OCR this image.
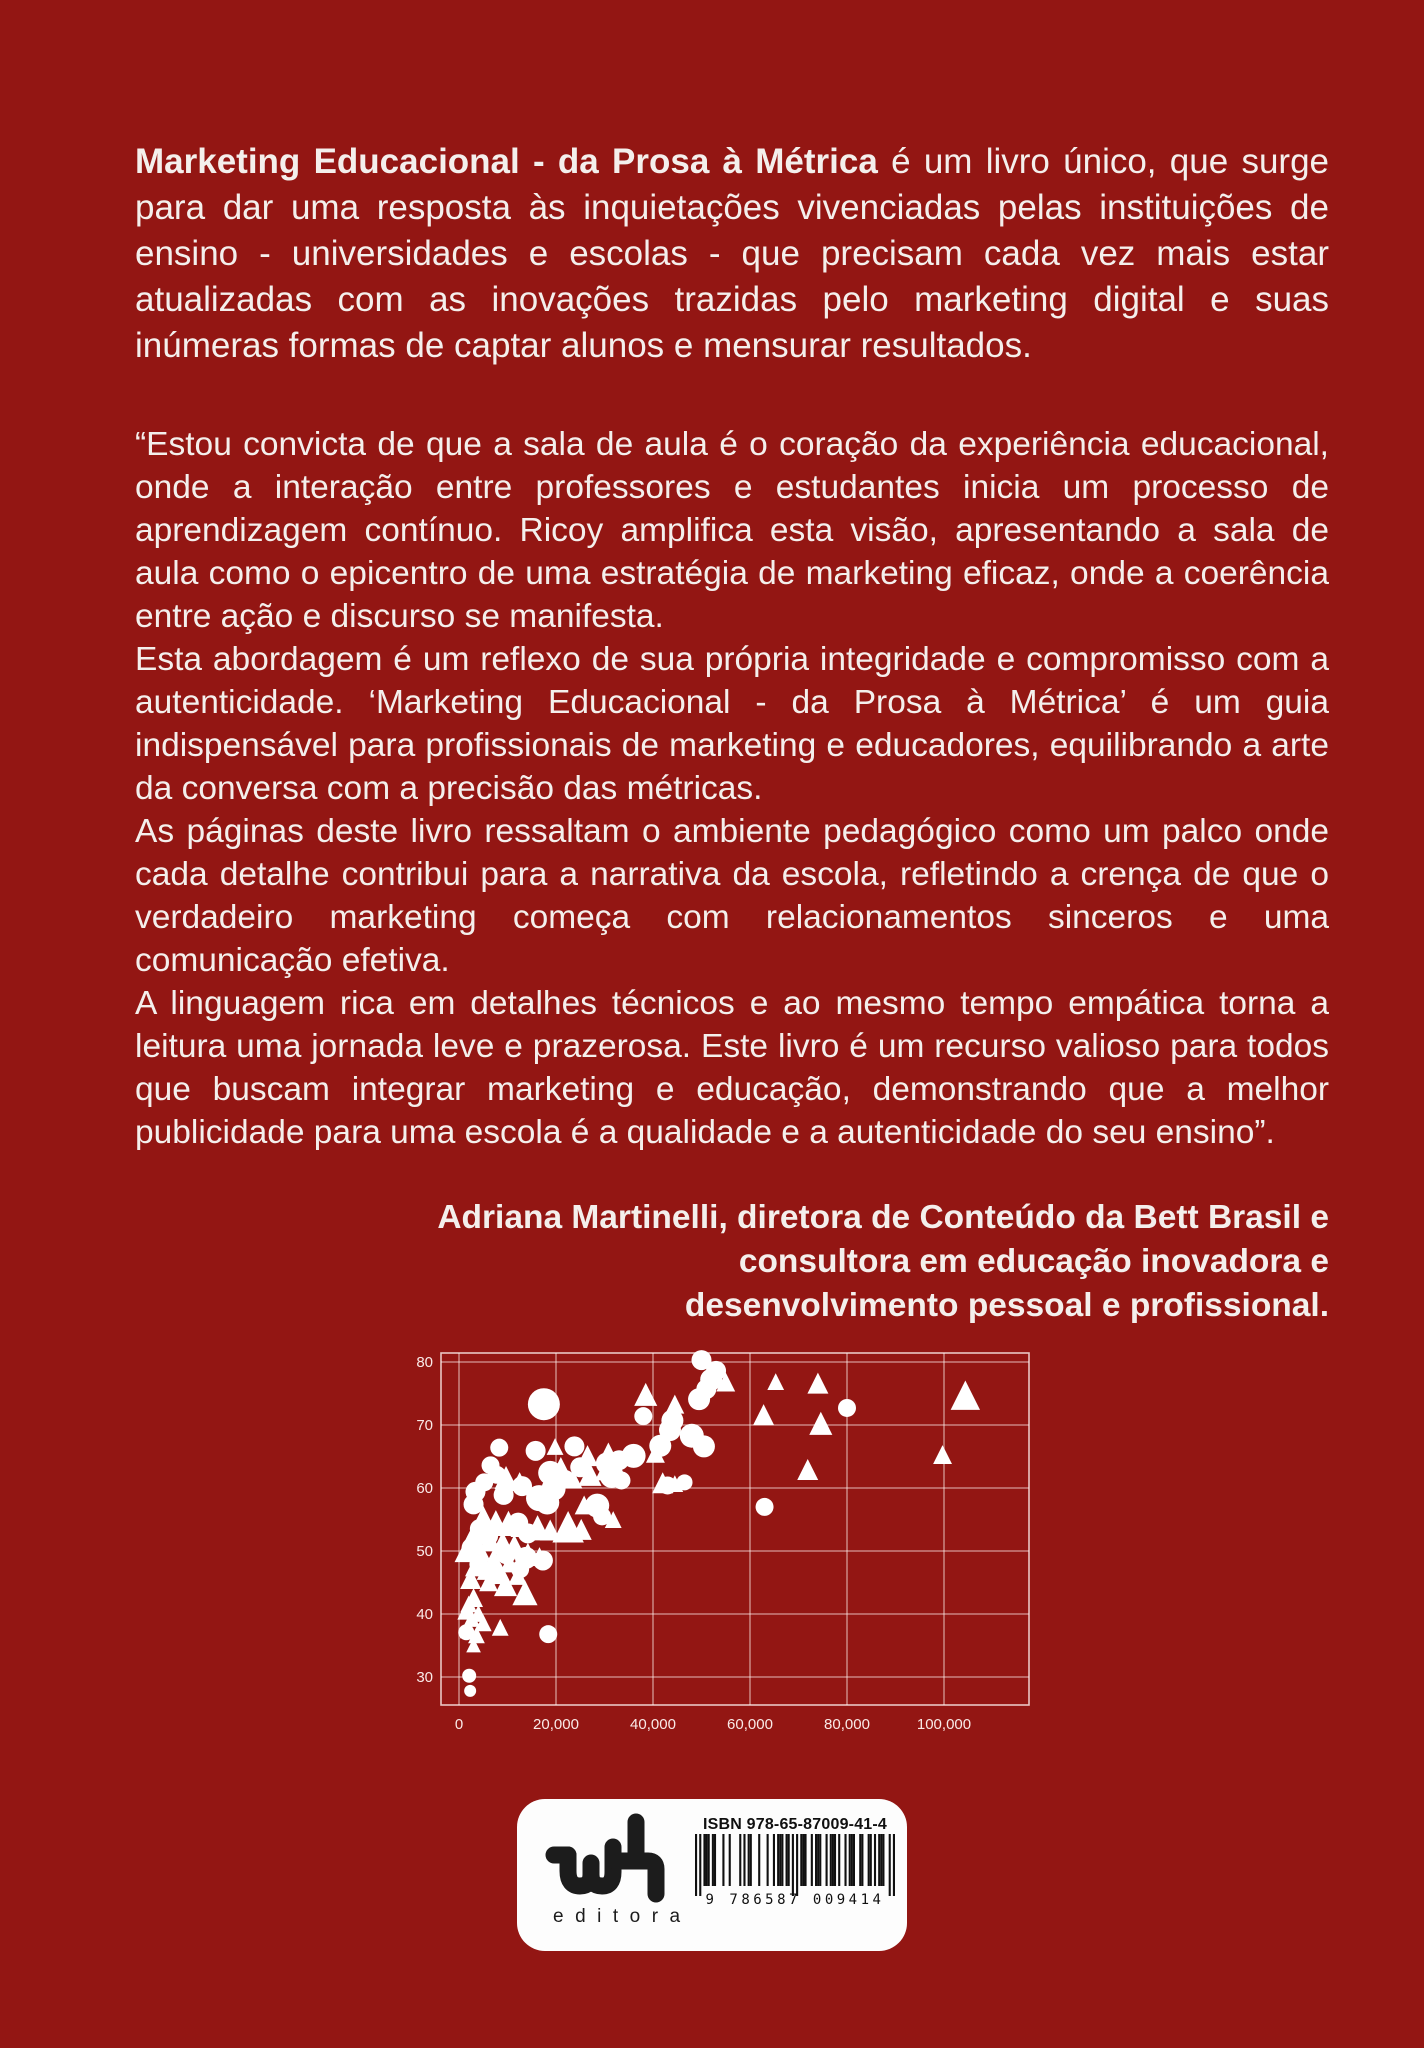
Marketing Educacional - da Prosa à Métrica é um livro único, que surge para dar uma resposta às inquietações vivenciadas pelas instituições de ensino - universidades e escolas - que precisam cada vez mais estar atualizadas com as inovações trazidas pelo marketing digital e suas inúmeras formas de captar alunos e mensurar resultados.

“Estou convicta de que a sala de aula é o coração da experiência educacional, onde a interação entre professores e estudantes inicia um processo de aprendizagem contínuo. Ricoy amplifica esta visão, apresentando a sala de aula como o epicentro de uma estratégia de marketing eficaz, onde a coerência entre ação e discurso se manifesta.

Esta abordagem é um reflexo de sua própria integridade e compromisso com a autenticidade. ‘Marketing Educacional - da Prosa à Métrica’ é um guia indispensável para profissionais de marketing e educadores, equilibrando a arte da conversa com a precisão das métricas.

As páginas deste livro ressaltam o ambiente pedagógico como um palco onde cada detalhe contribui para a narrativa da escola, refletindo a crença de que o verdadeiro marketing começa com relacionamentos sinceros e uma comunicação efetiva.

A linguagem rica em detalhes técnicos e ao mesmo tempo empática torna a leitura uma jornada leve e prazerosa. Este livro é um recurso valioso para todos que buscam integrar marketing e educação, demonstrando que a melhor publicidade para uma escola é a qualidade e a autenticidade do seu ensino”.

Adriana Martinelli, diretora de Conteúdo da Bett Brasil e
consultora em educação inovadora e
desenvolvimento pessoal e profissional.
30
40
50
60
70
80
0	20,000	40,000	60,000	80,000	100,000
editora
ISBN 978-65-87009-41-4
9 786587 009414
